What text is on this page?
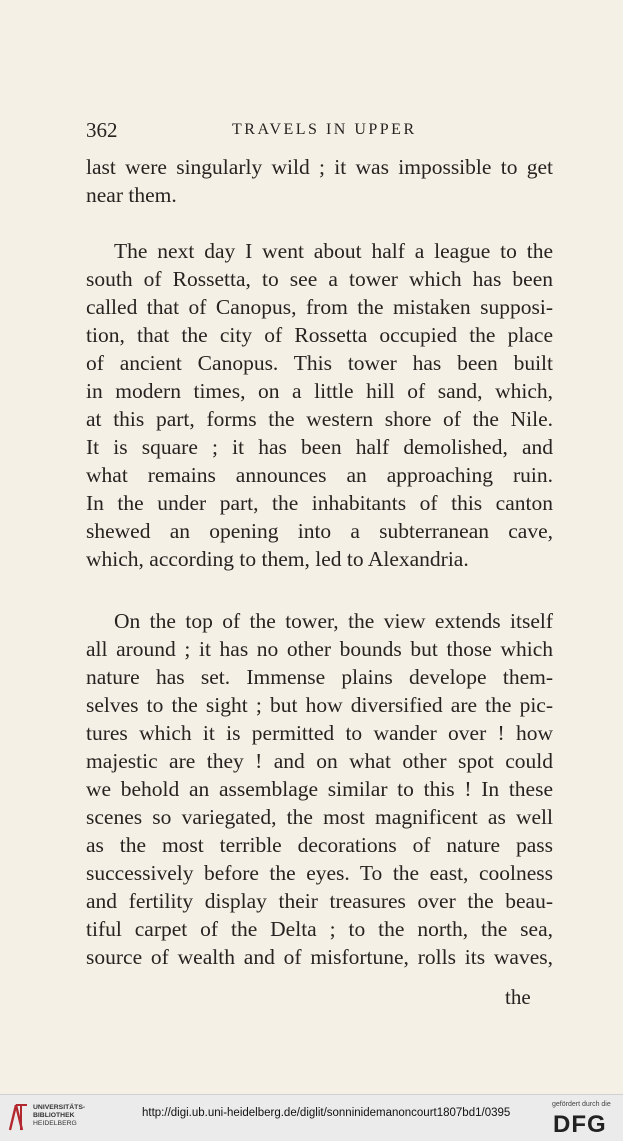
362	TRAVELS IN UPPER
last were singularly wild ; it was impossible to get
near them.
The next day I went about half a league to the
south of Rossetta, to see a tower which has been
called that of Canopus, from the mistaken supposi-
tion, that the city of Rossetta occupied the place
of ancient Canopus. This tower has been built
in modern times, on a little hill of sand, which,
at this part, forms the western shore of the Nile.
It is square ; it has been half demolished, and
what remains announces an approaching ruin.
In the under part, the inhabitants of this canton
shewed an opening into a subterranean cave,
which, according to them, led to Alexandria.
On the top of the tower, the view extends itself
all around ; it has no other bounds but those which
nature has set. Immense plains develope them-
selves to the sight ; but how diversified are the pic-
tures which it is permitted to wander over ! how
majestic are they ! and on what other spot could
we behold an assemblage similar to this ! In these
scenes so variegated, the most magnificent as well
as the most terrible decorations of nature pass
successively before the eyes. To the east, coolness
and fertility display their treasures over the beau-
tiful carpet of the Delta ; to the north, the sea,
source of wealth and of misfortune, rolls its waves,
the
UNIVERSITÄTS-
BIBLIOTHEK
HEIDELBERG
http://digi.ub.uni-heidelberg.de/diglit/sonninidemanoncourt1807bd1/0395
gefördert durch die
DFG
